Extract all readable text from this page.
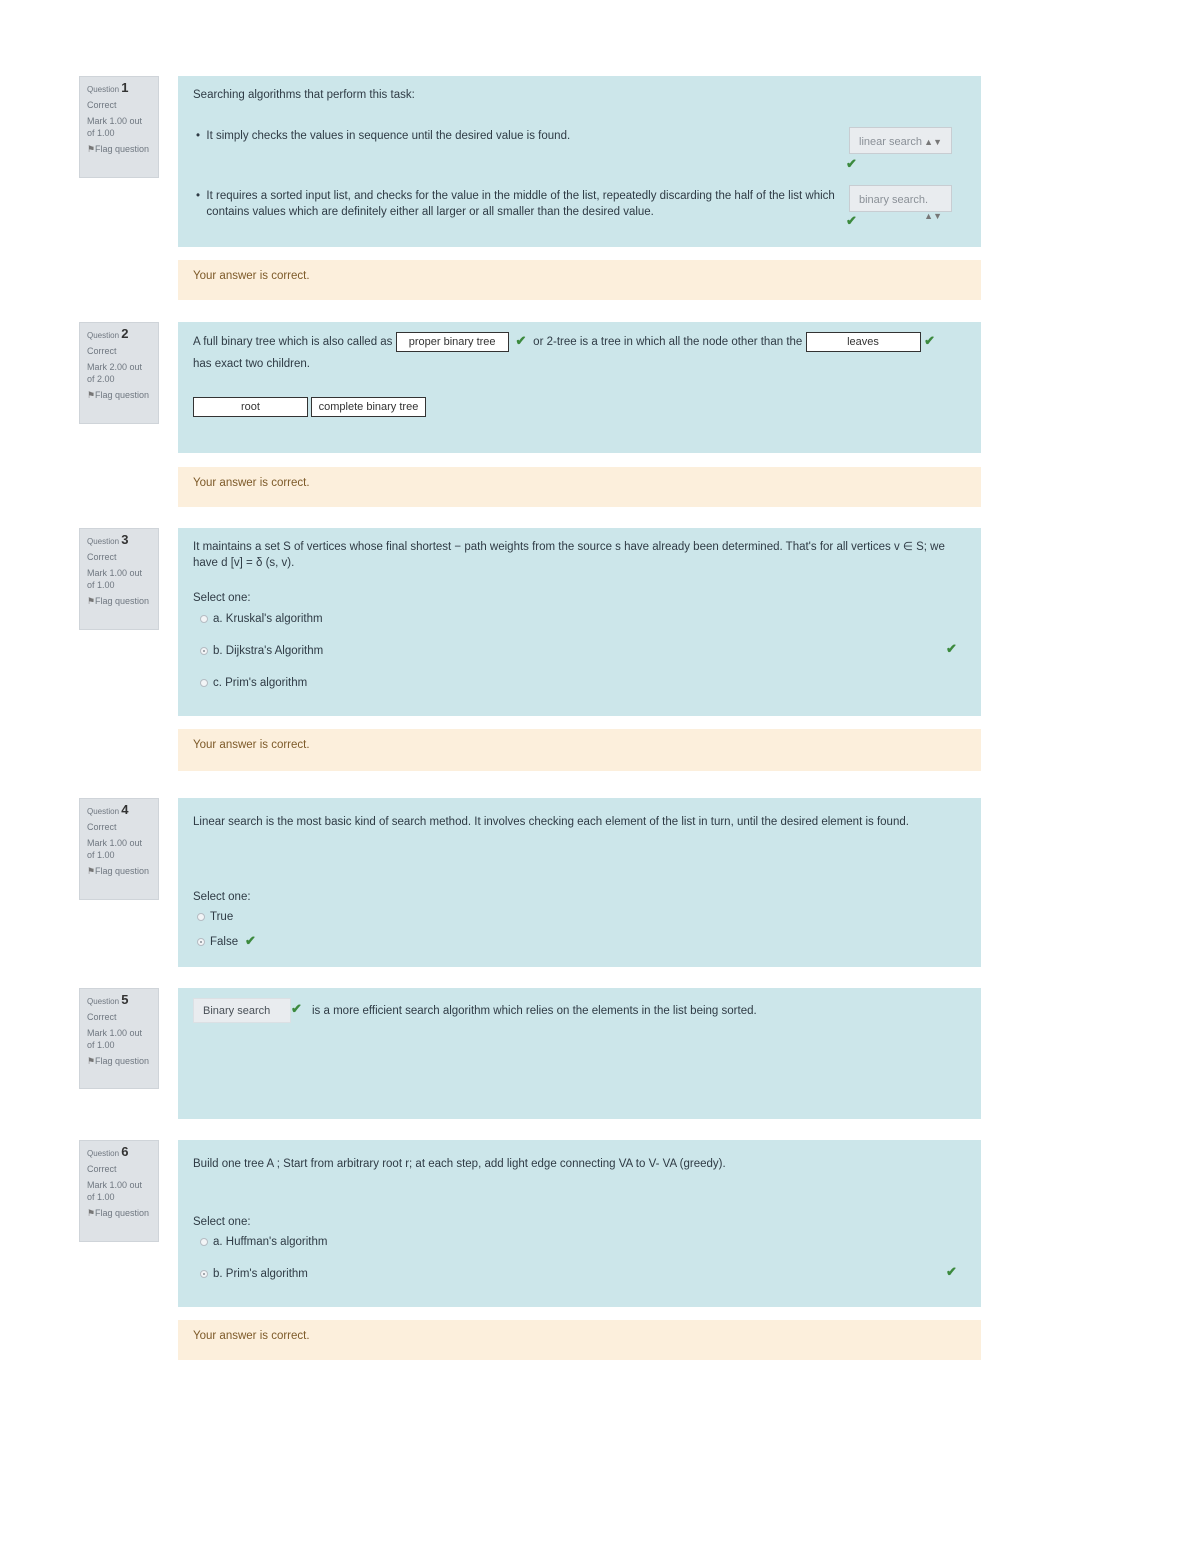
Question 1
Correct
Mark 1.00 out of 1.00
⚑Flag question
Searching algorithms that perform this task:
•  It simply checks the values in sequence until the desired value is found.	linear search ▲▼
✔
• It requires a sorted input list, and checks for the value in the middle of the list, repeatedly discarding the half of the list which contains values which are definitely either all larger or all smaller than the desired value.
binary search.
▲▼
✔
Your answer is correct.
Question 2
Correct
Mark 2.00 out of 2.00
⚑Flag question
A full binary tree which is also called as proper binary tree  ✔  or 2-tree is a tree in which all the node other than the	leaves	✔
has exact two children.
root	complete binary tree
Your answer is correct.
Question 3
Correct
Mark 1.00 out of 1.00
⚑Flag question
It maintains a set S of vertices whose final shortest − path weights from the source s have already been determined. That's for all vertices v ∈ S; we have d [v] = δ (s, v).
Select one:
a. Kruskal's algorithm
b. Dijkstra's Algorithm	✔
c. Prim's algorithm
Your answer is correct.
Question 4
Correct
Mark 1.00 out of 1.00
⚑Flag question
Linear search is the most basic kind of search method. It involves checking each element of the list in turn, until the desired element is found.
Select one:
True
False  ✔
Question 5
Correct
Mark 1.00 out of 1.00
⚑Flag question
Binary search	✔ is a more efficient search algorithm which relies on the elements in the list being sorted.
Question 6
Correct
Mark 1.00 out of 1.00
⚑Flag question
Build one tree A ; Start from arbitrary root r; at each step, add light edge connecting VA to V- VA (greedy).
Select one:
a. Huffman's algorithm
b. Prim's algorithm	✔
Your answer is correct.
